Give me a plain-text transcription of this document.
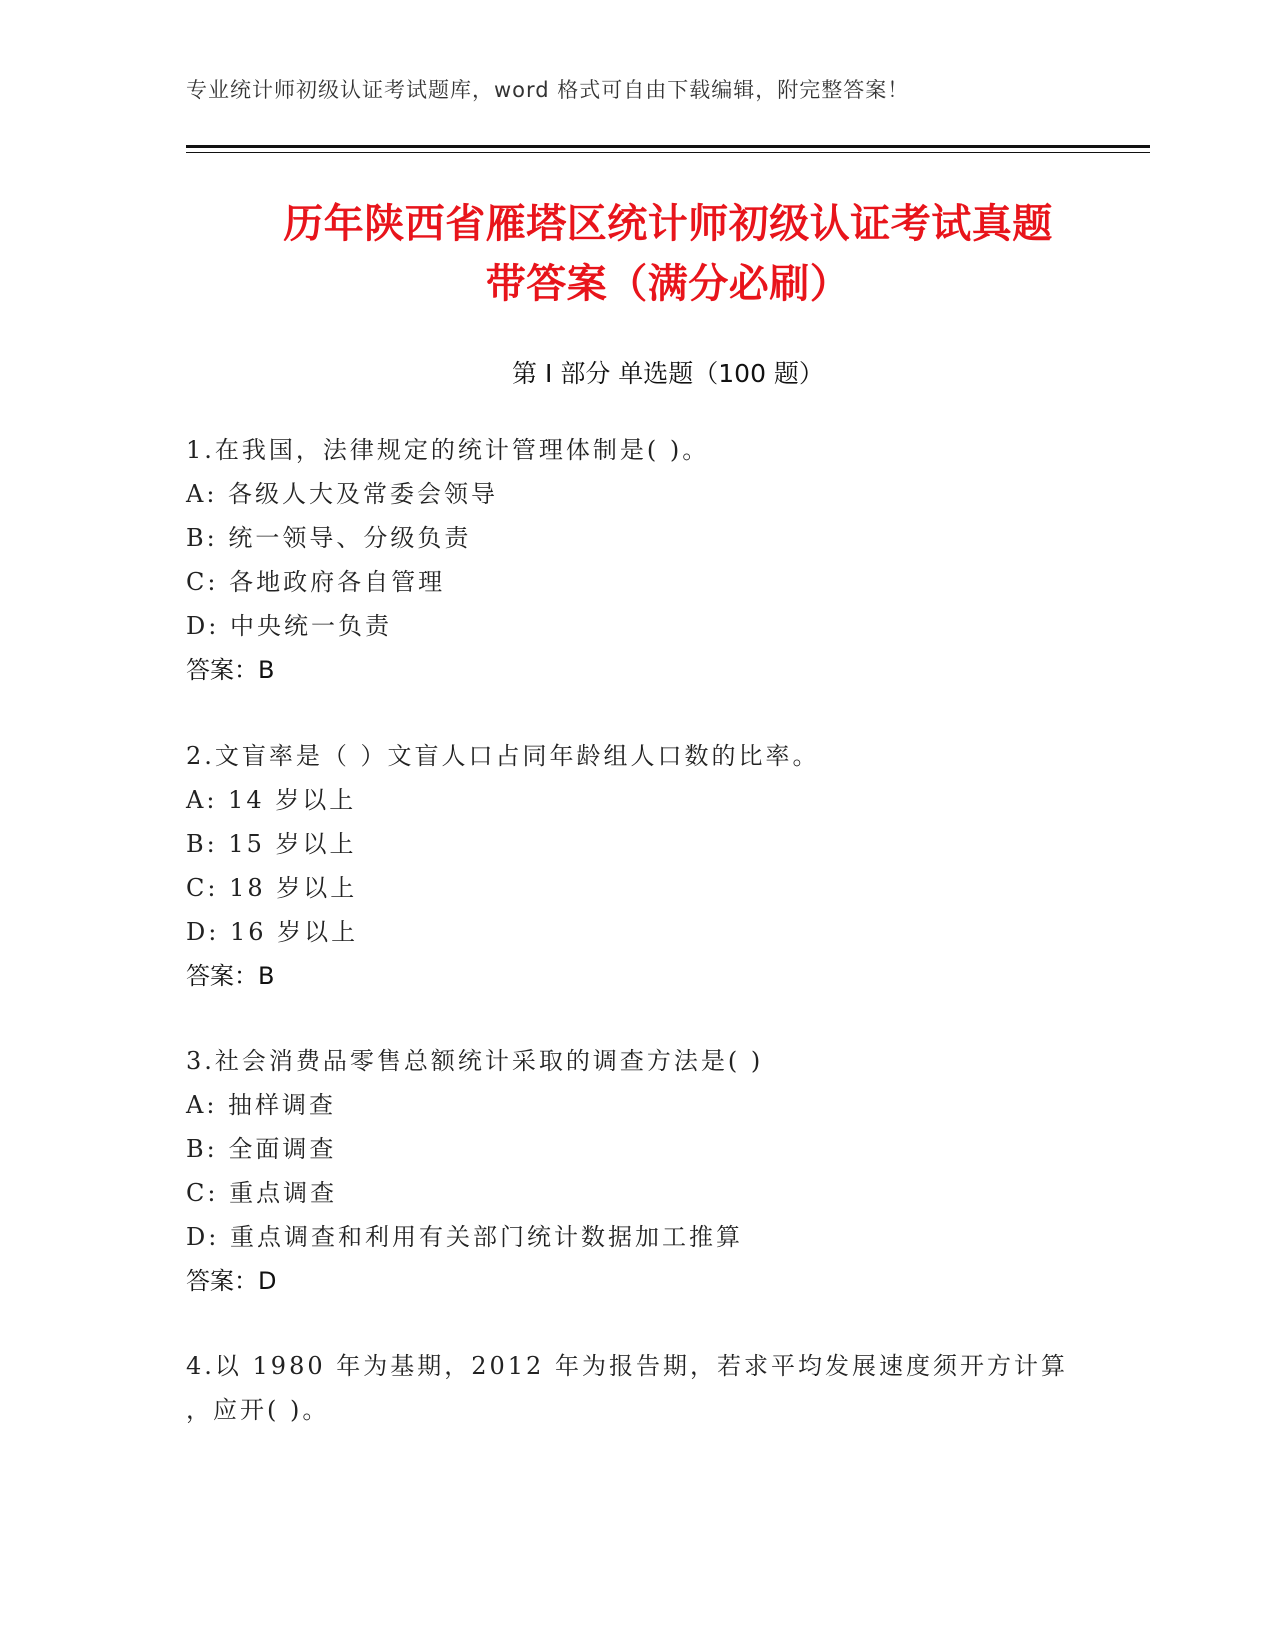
专业统计师初级认证考试题库，word 格式可自由下载编辑，附完整答案！
历年陕西省雁塔区统计师初级认证考试真题
带答案（满分必刷）
第 I 部分 单选题（100 题）
1.在我国，法律规定的统计管理体制是( )。
A: 各级人大及常委会领导
B: 统一领导、分级负责
C: 各地政府各自管理
D: 中央统一负责
答案：B
2.文盲率是（ ）文盲人口占同年龄组人口数的比率。
A: 14 岁以上
B: 15 岁以上
C: 18 岁以上
D: 16 岁以上
答案：B
3.社会消费品零售总额统计采取的调查方法是( )
A: 抽样调查
B: 全面调查
C: 重点调查
D: 重点调查和利用有关部门统计数据加工推算
答案：D
4.以 1980 年为基期，2012 年为报告期，若求平均发展速度须开方计算
，应开( )。
